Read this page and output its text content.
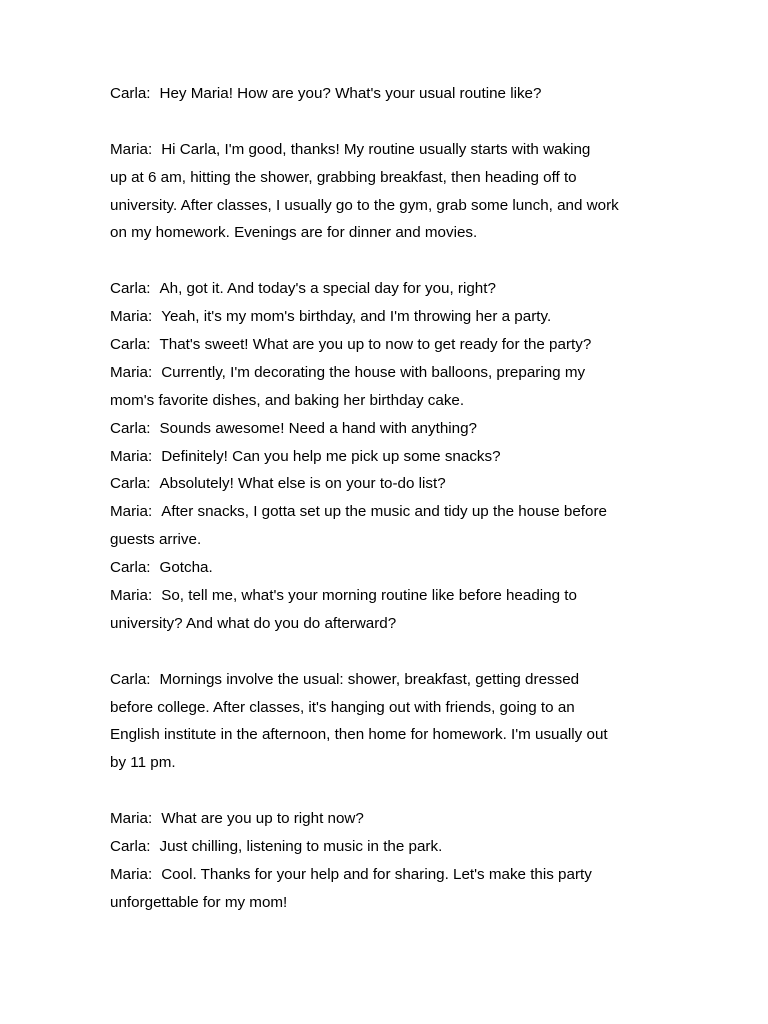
Carla: Hey Maria! How are you? What's your usual routine like?
Maria: Hi Carla, I'm good, thanks! My routine usually starts with waking
up at 6 am, hitting the shower, grabbing breakfast, then heading off to
university. After classes, I usually go to the gym, grab some lunch, and work
on my homework. Evenings are for dinner and movies.
Carla: Ah, got it. And today's a special day for you, right?
Maria: Yeah, it's my mom's birthday, and I'm throwing her a party.
Carla: That's sweet! What are you up to now to get ready for the party?
Maria: Currently, I'm decorating the house with balloons, preparing my
mom's favorite dishes, and baking her birthday cake.
Carla: Sounds awesome! Need a hand with anything?
Maria: Definitely! Can you help me pick up some snacks?
Carla: Absolutely! What else is on your to-do list?
Maria: After snacks, I gotta set up the music and tidy up the house before
guests arrive.
Carla: Gotcha.
Maria: So, tell me, what's your morning routine like before heading to
university? And what do you do afterward?
Carla: Mornings involve the usual: shower, breakfast, getting dressed
before college. After classes, it's hanging out with friends, going to an
English institute in the afternoon, then home for homework. I'm usually out
by 11 pm.
Maria: What are you up to right now?
Carla: Just chilling, listening to music in the park.
Maria: Cool. Thanks for your help and for sharing. Let's make this party
unforgettable for my mom!
